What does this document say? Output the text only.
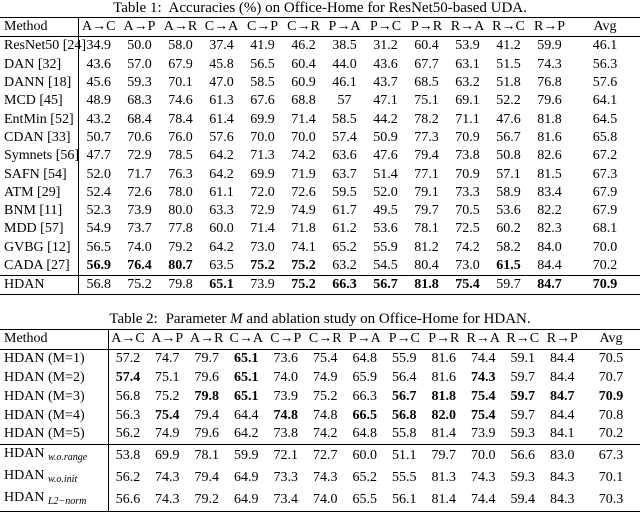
Table 1: Accuracies (%) on Office-Home for ResNet50-based UDA.
Method	A→C	A→P	A→R	C→A	C→P	C→R	P→A	P→C	P→R	R→A	R→C	R→P	Avg
ResNet50 [24]	34.9	50.0	58.0	37.4	41.9	46.2	38.5	31.2	60.4	53.9	41.2	59.9	46.1
DAN [32]	43.6	57.0	67.9	45.8	56.5	60.4	44.0	43.6	67.7	63.1	51.5	74.3	56.3
DANN [18]	45.6	59.3	70.1	47.0	58.5	60.9	46.1	43.7	68.5	63.2	51.8	76.8	57.6
MCD [45]	48.9	68.3	74.6	61.3	67.6	68.8	57	47.1	75.1	69.1	52.2	79.6	64.1
EntMin [52]	43.2	68.4	78.4	61.4	69.9	71.4	58.5	44.2	78.2	71.1	47.6	81.8	64.5
CDAN [33]	50.7	70.6	76.0	57.6	70.0	70.0	57.4	50.9	77.3	70.9	56.7	81.6	65.8
Symnets [56]	47.7	72.9	78.5	64.2	71.3	74.2	63.6	47.6	79.4	73.8	50.8	82.6	67.2
SAFN [54]	52.0	71.7	76.3	64.2	69.9	71.9	63.7	51.4	77.1	70.9	57.1	81.5	67.3
ATM [29]	52.4	72.6	78.0	61.1	72.0	72.6	59.5	52.0	79.1	73.3	58.9	83.4	67.9
BNM [11]	52.3	73.9	80.0	63.3	72.9	74.9	61.7	49.5	79.7	70.5	53.6	82.2	67.9
MDD [57]	54.9	73.7	77.8	60.0	71.4	71.8	61.2	53.6	78.1	72.5	60.2	82.3	68.1
GVBG [12]	56.5	74.0	79.2	64.2	73.0	74.1	65.2	55.9	81.2	74.2	58.2	84.0	70.0
CADA [27]	56.9	76.4	80.7	63.5	75.2	75.2	63.2	54.5	80.4	73.0	61.5	84.4	70.2
HDAN	56.8	75.2	79.8	65.1	73.9	75.2	66.3	56.7	81.8	75.4	59.7	84.7	70.9
Table 2: Parameter M and ablation study on Office-Home for HDAN.
Method	A→C	A→P	A→R	C→A	C→P	C→R	P→A	P→C	P→R	R→A	R→C	R→P	Avg
HDAN (M=1)	57.2	74.7	79.7	65.1	73.6	75.4	64.8	55.9	81.6	74.4	59.1	84.4	70.5
HDAN (M=2)	57.4	75.1	79.6	65.1	74.0	74.9	65.9	56.4	81.6	74.3	59.7	84.4	70.7
HDAN (M=3)	56.8	75.2	79.8	65.1	73.9	75.2	66.3	56.7	81.8	75.4	59.7	84.7	70.9
HDAN (M=4)	56.3	75.4	79.4	64.4	74.8	74.8	66.5	56.8	82.0	75.4	59.7	84.4	70.8
HDAN (M=5)	56.2	74.9	79.6	64.2	73.8	74.2	64.8	55.8	81.4	73.9	59.3	84.1	70.2
HDAN $_{w.o.range}$	53.8	69.9	78.1	59.9	72.1	72.7	60.0	51.1	79.7	70.0	56.6	83.0	67.3
HDAN $_{w.o.init}$	56.2	74.3	79.4	64.9	73.3	74.3	65.2	55.5	81.3	74.3	59.3	84.3	70.1
HDAN $_{L2-norm}$	56.6	74.3	79.2	64.9	73.4	74.0	65.5	56.1	81.4	74.4	59.4	84.3	70.3
